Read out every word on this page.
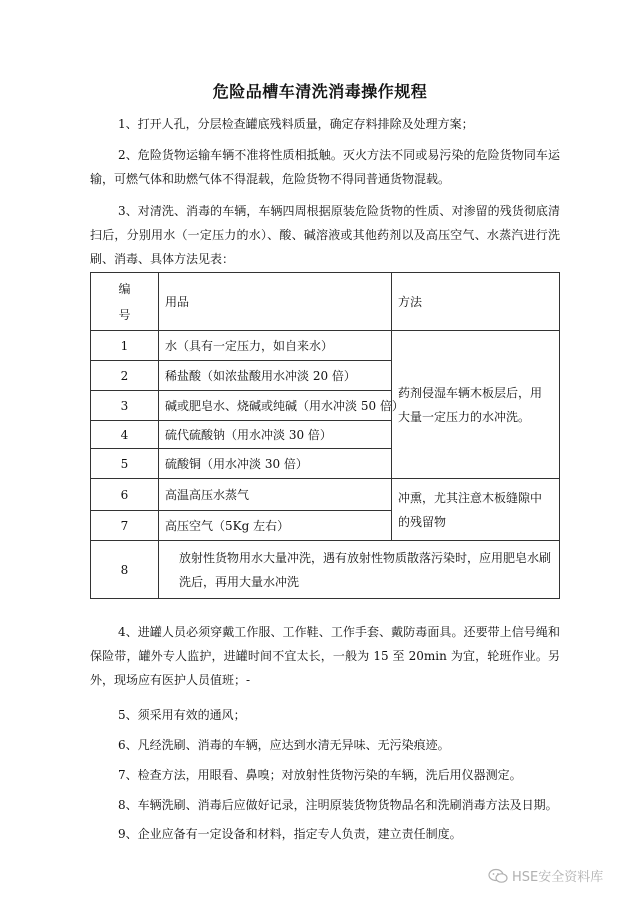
危险品槽车清洗消毒操作规程
1、打开人孔，分层检查罐底残料质量，确定存料排除及处理方案；
2、危险货物运输车辆不准将性质相抵触。灭火方法不同或易污染的危险货物同车运输，可燃气体和助燃气体不得混载，危险货物不得同普通货物混载。
3、对清洗、消毒的车辆，车辆四周根据原装危险货物的性质、对渗留的残货彻底清扫后，分别用水（一定压力的水）、酸、碱溶液或其他药剂以及高压空气、水蒸汽进行洗刷、消毒、具体方法见表：
编
号	用品	方法
1	水（具有一定压力，如自来水）	药剂侵湿车辆木板层后，用大量一定压力的水冲洗。
2	稀盐酸（如浓盐酸用水冲淡 20 倍）	
3	碱或肥皂水、烧碱或纯碱（用水冲淡 50 倍）	
4	硫代硫酸钠（用水冲淡 30 倍）	
5	硫酸铜（用水冲淡 30 倍）	
6	高温高压水蒸气	冲熏，尤其注意木板缝隙中的残留物
7	高压空气（5Kg 左右）	
8	放射性货物用水大量冲洗，遇有放射性物质散落污染时，应用肥皂水刷洗后，再用大量水冲洗	
4、进罐人员必须穿戴工作服、工作鞋、工作手套、戴防毒面具。还要带上信号绳和保险带，罐外专人监护，进罐时间不宜太长，一般为 15 至 20min 为宜，轮班作业。另外，现场应有医护人员值班；-
5、须采用有效的通风；
6、凡经洗刷、消毒的车辆，应达到水清无异味、无污染痕迹。
7、检查方法，用眼看、鼻嗅；对放射性货物污染的车辆，洗后用仪器测定。
8、车辆洗刷、消毒后应做好记录，注明原装货物货物品名和洗刷消毒方法及日期。
9、企业应备有一定设备和材料，指定专人负责，建立责任制度。
HSE安全资料库
